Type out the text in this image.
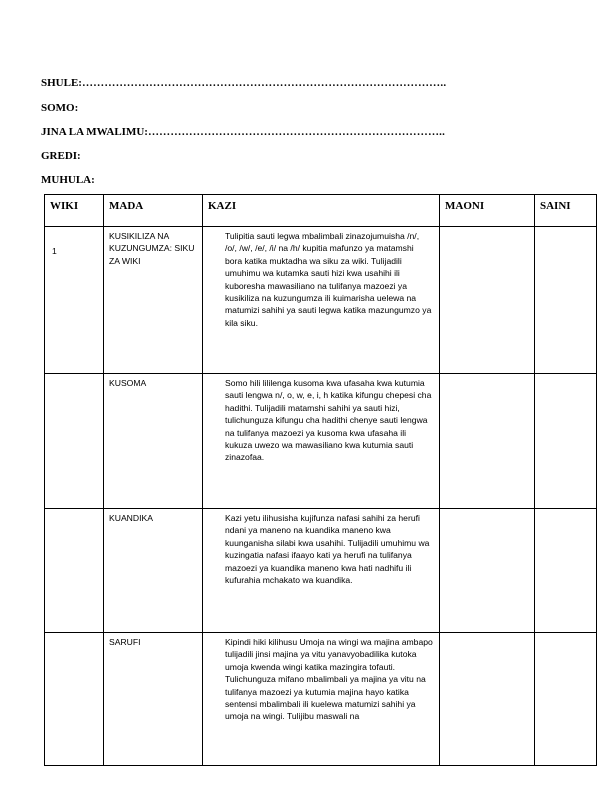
SHULE:……………………………………………………………………………………..
SOMO:
JINA LA MWALIMU:……………………………………………………………………..
GREDI:
MUHULA:
WIKI	MADA	KAZI	MAONI	SAINI
1	KUSIKILIZA NA KUZUNGUMZA: SIKU ZA WIKI	Tulipitia sauti legwa mbalimbali zinazojumuisha /n/, /o/, /w/, /e/, /i/ na /h/ kupitia mafunzo ya matamshi bora katika muktadha wa siku za wiki. Tulijadili umuhimu wa kutamka sauti hizi kwa usahihi ili kuboresha mawasiliano na tulifanya mazoezi ya kusikiliza na kuzungumza ili kuimarisha uelewa na matumizi sahihi ya sauti legwa katika mazungumzo ya kila siku.		

	KUSOMA	Somo hili lililenga kusoma kwa ufasaha kwa kutumia sauti lengwa n/, o, w, e, i, h katika kifungu chepesi cha hadithi. Tulijadili matamshi sahihi ya sauti hizi, tulichunguza kifungu cha hadithi chenye sauti lengwa na tulifanya mazoezi ya kusoma kwa ufasaha ili kukuza uwezo wa mawasiliano kwa kutumia sauti zinazofaa.		

	KUANDIKA	Kazi yetu ilihusisha kujifunza nafasi sahihi za herufi ndani ya maneno na kuandika maneno kwa kuunganisha silabi kwa usahihi. Tulijadili umuhimu wa kuzingatia nafasi ifaayo kati ya herufi na tulifanya mazoezi ya kuandika maneno kwa hati nadhifu ili kufurahia mchakato wa kuandika.		

	SARUFI	Kipindi hiki kilihusu Umoja na wingi wa majina ambapo tulijadili jinsi majina ya vitu yanavyobadilika kutoka umoja kwenda wingi katika mazingira tofauti. Tulichunguza mifano mbalimbali ya majina ya vitu na tulifanya mazoezi ya kutumia majina hayo katika sentensi mbalimbali ili kuelewa matumizi sahihi ya umoja na wingi. Tulijibu maswali na		
